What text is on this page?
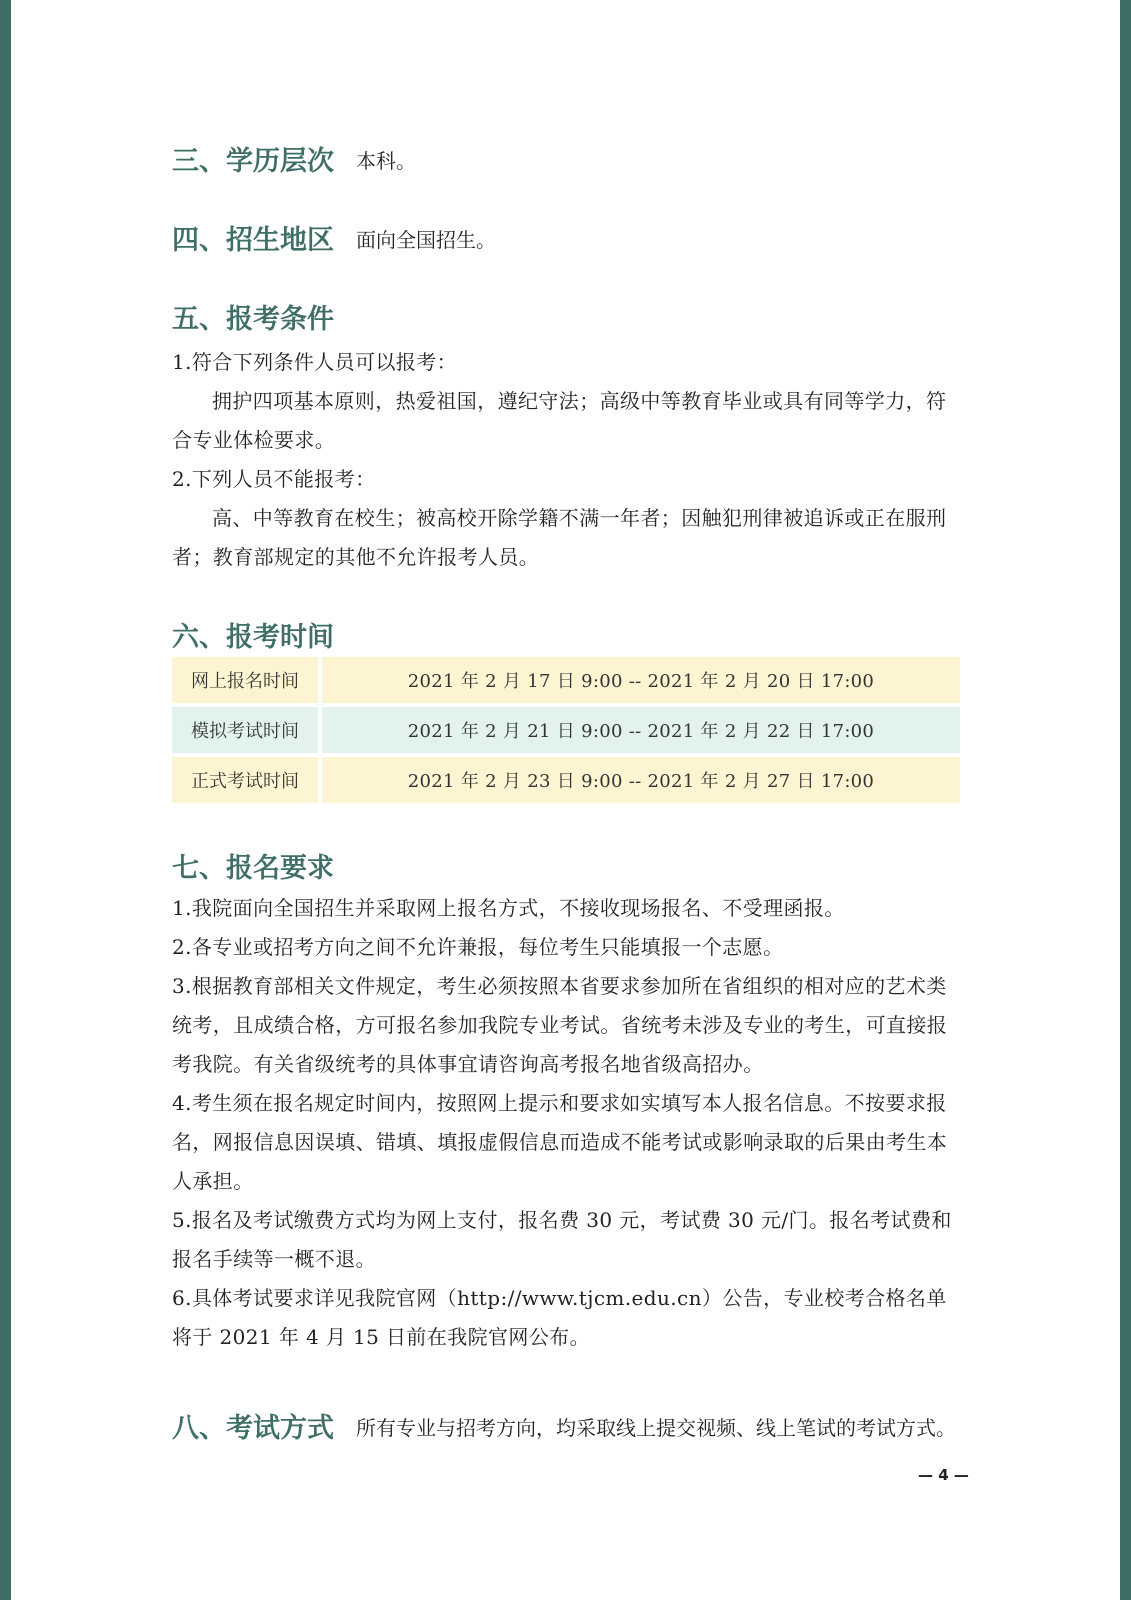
三、学历层次 本科。
四、招生地区 面向全国招生。
五、报考条件
1.符合下列条件人员可以报考：
拥护四项基本原则，热爱祖国，遵纪守法；高级中等教育毕业或具有同等学力，符合专业体检要求。
2.下列人员不能报考：
高、中等教育在校生；被高校开除学籍不满一年者；因触犯刑律被追诉或正在服刑者；教育部规定的其他不允许报考人员。
六、报考时间
网上报名时间	2021 年 2 月 17 日 9:00 -- 2021 年 2 月 20 日 17:00
模拟考试时间	2021 年 2 月 21 日 9:00 -- 2021 年 2 月 22 日 17:00
正式考试时间	2021 年 2 月 23 日 9:00 -- 2021 年 2 月 27 日 17:00
七、报名要求
1.我院面向全国招生并采取网上报名方式，不接收现场报名、不受理函报。
2.各专业或招考方向之间不允许兼报，每位考生只能填报一个志愿。
3.根据教育部相关文件规定，考生必须按照本省要求参加所在省组织的相对应的艺术类统考，且成绩合格，方可报名参加我院专业考试。省统考未涉及专业的考生，可直接报考我院。有关省级统考的具体事宜请咨询高考报名地省级高招办。
4.考生须在报名规定时间内，按照网上提示和要求如实填写本人报名信息。不按要求报名，网报信息因误填、错填、填报虚假信息而造成不能考试或影响录取的后果由考生本人承担。
5.报名及考试缴费方式均为网上支付，报名费 30 元，考试费 30 元/门。报名考试费和报名手续等一概不退。
6.具体考试要求详见我院官网（http://www.tjcm.edu.cn）公告，专业校考合格名单将于 2021 年 4 月 15 日前在我院官网公布。
八、考试方式 所有专业与招考方向，均采取线上提交视频、线上笔试的考试方式。
— 4 —
